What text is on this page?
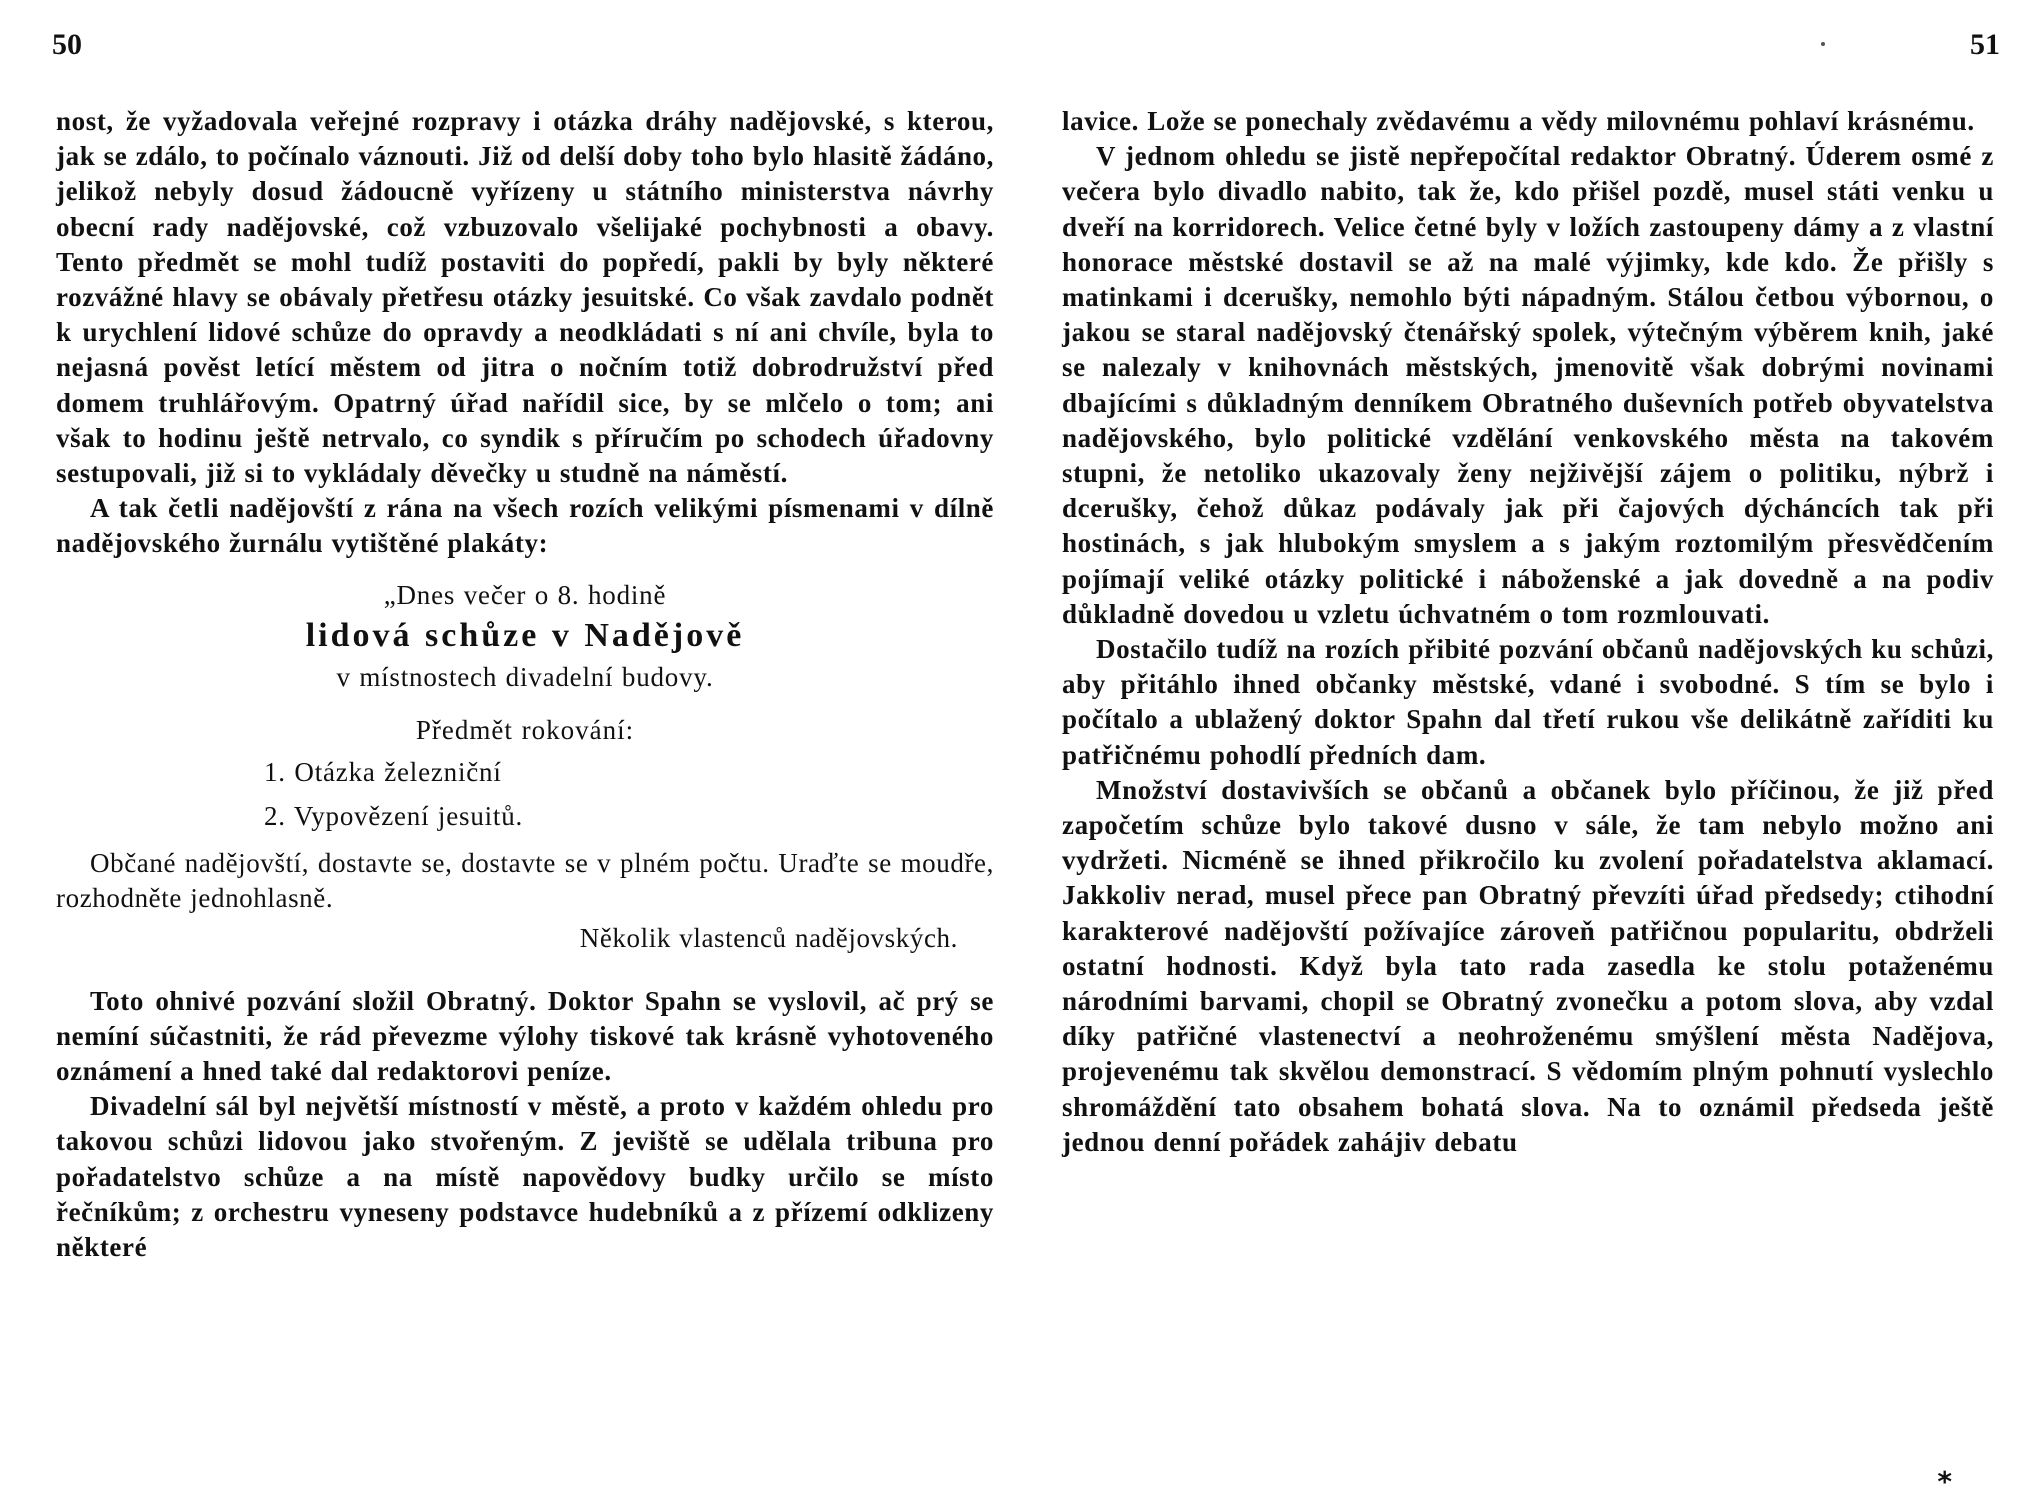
50

nost, že vyžadovala veřejné rozpravy i otázka dráhy nadějovské, s kterou, jak se zdálo, to počínalo váznouti. Již od delší doby toho bylo hlasitě žádáno, jelikož nebyly dosud žádoucně vyřízeny u státního ministerstva návrhy obecní rady nadějovské, což vzbuzovalo všelijaké pochybnosti a obavy. Tento předmět se mohl tudíž postaviti do popředí, pakli by byly některé rozvážné hlavy se obávaly přetřesu otázky jesuitské. Co však zavdalo podnět k urychlení lidové schůze do opravdy a neodkládati s ní ani chvíle, byla to nejasná pověst letící městem od jitra o nočním totiž dobrodružství před domem truhlářovým. Opatrný úřad nařídil sice, by se mlčelo o tom; ani však to hodinu ještě netrvalo, co syndik s příručím po schodech úřadovny sestupovali, již si to vykládaly děvečky u studně na náměstí.

A tak četli nadějovští z rána na všech rozích velikými písmenami v dílně nadějovského žurnálu vytištěné plakáty:

„Dnes večer o 8. hodině
lidová schůze v Nadějově
v místnostech divadelní budovy.
Předmět rokování:
1. Otázka železniční
2. Vypovězení jesuitů.
Občané nadějovští, dostavte se, dostavte se v plném počtu. Uraďte se moudře, rozhodněte jednohlasně.
Několik vlastenců nadějovských.

Toto ohnivé pozvání složil Obratný. Doktor Spahn se vyslovil, ač prý se nemíní súčastniti, že rád převezme výlohy tiskové tak krásně vyhotoveného oznámení a hned také dal redaktorovi peníze.

Divadelní sál byl největší místností v městě, a proto v každém ohledu pro takovou schůzi lidovou jako stvořeným. Z jeviště se udělala tribuna pro pořadatelstvo schůze a na místě napovědovy budky určilo se místo řečníkům; z orchestru vyneseny podstavce hudebníků a z přízemí odklizeny některé

51

lavice. Lože se ponechaly zvědavému a vědy milovnému pohlaví krásnému.

V jednom ohledu se jistě nepřepočítal redaktor Obratný. Úderem osmé z večera bylo divadlo nabito, tak že, kdo přišel pozdě, musel státi venku u dveří na korridorech. Velice četné byly v ložích zastoupeny dámy a z vlastní honorace městské dostavil se až na malé výjimky, kde kdo. Že přišly s matinkami i dcerušky, nemohlo býti nápadným. Stálou četbou výbornou, o jakou se staral nadějovský čtenářský spolek, výtečným výběrem knih, jaké se nalezaly v knihovnách městských, jmenovitě však dobrými novinami dbajícími s důkladným denníkem Obratného duševních potřeb obyvatelstva nadějovského, bylo politické vzdělání venkovského města na takovém stupni, že netoliko ukazovaly ženy nejživější zájem o politiku, nýbrž i dcerušky, čehož důkaz podávaly jak při čajových dýcháncích tak při hostinách, s jak hlubokým smyslem a s jakým roztomilým přesvědčením pojímají veliké otázky politické i náboženské a jak dovedně a na podiv důkladně dovedou u vzletu úchvatném o tom rozmlouvati.

Dostačilo tudíž na rozích přibité pozvání občanů nadějovských ku schůzi, aby přitáhlo ihned občanky městské, vdané i svobodné. S tím se bylo i počítalo a ublažený doktor Spahn dal třetí rukou vše delikátně zaříditi ku patřičnému pohodlí předních dam.

Množství dostavivších se občanů a občanek bylo příčinou, že již před započetím schůze bylo takové dusno v sále, že tam nebylo možno ani vydržeti. Nicméně se ihned přikročilo ku zvolení pořadatelstva aklamací. Jakkoliv nerad, musel přece pan Obratný převzíti úřad předsedy; ctihodní karakterové nadějovští požívajíce zároveň patřičnou popularitu, obdrželi ostatní hodnosti. Když byla tato rada zasedla ke stolu potaženému národními barvami, chopil se Obratný zvonečku a potom slova, aby vzdal díky patřičné vlastenectví a neohroženému smýšlení města Nadějova, projevenému tak skvělou demonstrací. S vědomím plným pohnutí vyslechlo shromáždění tato obsahem bohatá slova. Na to oznámil předseda ještě jednou denní pořádek zahájiv debatu

*
